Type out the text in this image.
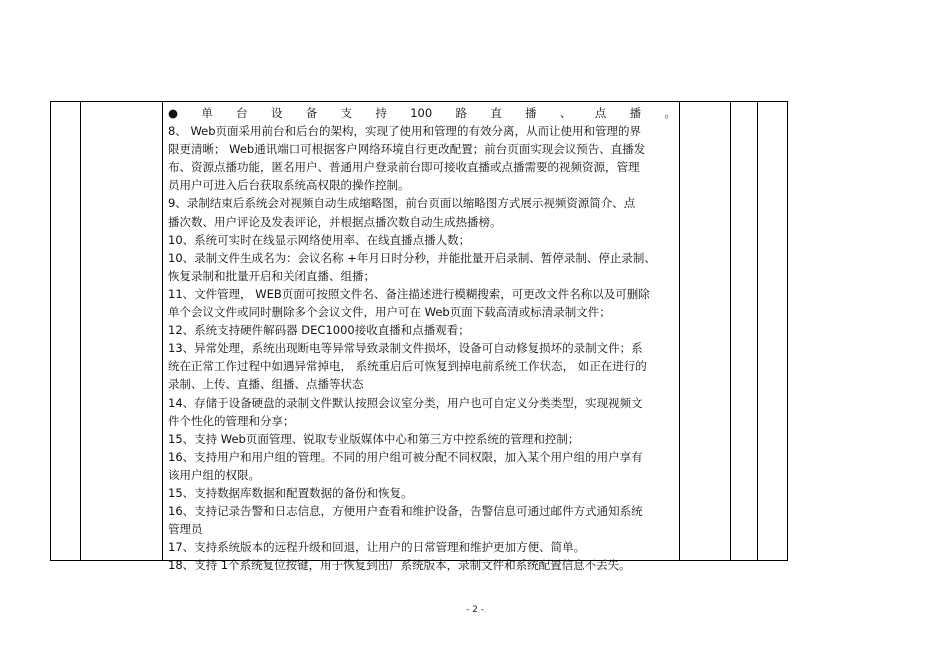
● 单 台 设 备 支 持 100 路 直 播 、 点 播 。
8、 Web页面采用前台和后台的架构，实现了使用和管理的有效分离，从而让使用和管理的界
限更清晰； Web通讯端口可根据客户网络环境自行更改配置；前台页面实现会议预告、直播发
布、资源点播功能，匿名用户、普通用户登录前台即可接收直播或点播需要的视频资源，管理
员用户可进入后台获取系统高权限的操作控制。
9、录制结束后系统会对视频自动生成缩略图，前台页面以缩略图方式展示视频资源简介、点
播次数、用户评论及发表评论，并根据点播次数自动生成热播榜。
10、系统可实时在线显示网络使用率、在线直播点播人数；
10、录制文件生成名为：会议名称 +年月日时分秒，并能批量开启录制、暂停录制、停止录制、
恢复录制和批量开启和关闭直播、组播；
11、文件管理， WEB页面可按照文件名、备注描述进行模糊搜索，可更改文件名称以及可删除
单个会议文件或同时删除多个会议文件，用户可在 Web页面下载高清或标清录制文件；
12、系统支持硬件解码器 DEC1000接收直播和点播观看；
13、异常处理，系统出现断电等异常导致录制文件损坏，设备可自动修复损坏的录制文件；系
统在正常工作过程中如遇异常掉电， 系统重启后可恢复到掉电前系统工作状态， 如正在进行的
录制、上传、直播、组播、点播等状态
14、存储于设备硬盘的录制文件默认按照会议室分类，用户也可自定义分类类型，实现视频文
件个性化的管理和分享；
15、支持 Web页面管理、锐取专业版媒体中心和第三方中控系统的管理和控制；
16、支持用户和用户组的管理。不同的用户组可被分配不同权限，加入某个用户组的用户享有
该用户组的权限。
15、支持数据库数据和配置数据的备份和恢复。
16、支持记录告警和日志信息，方便用户查看和维护设备，告警信息可通过邮件方式通知系统
管理员
17、支持系统版本的远程升级和回退，让用户的日常管理和维护更加方便、简单。
18、支持 1个系统复位按键，用于恢复到出厂系统版本，录制文件和系统配置信息不丢失。
- 2 -
